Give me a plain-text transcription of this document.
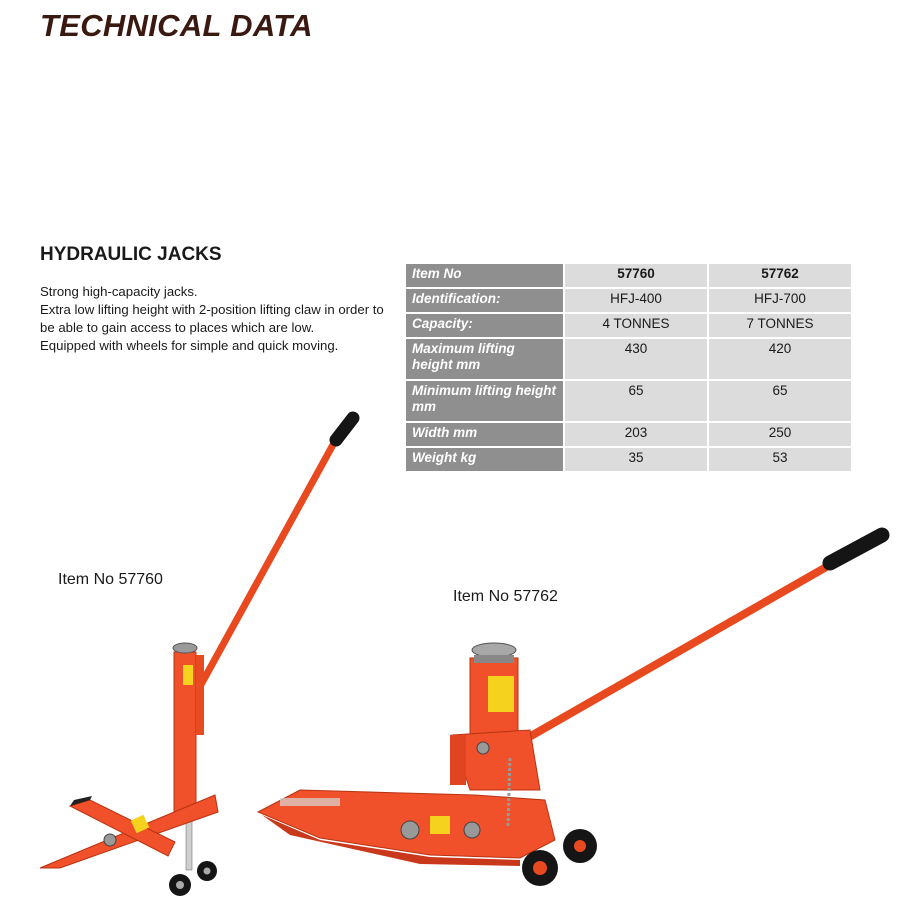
TECHNICAL DATA
HYDRAULIC JACKS

Strong high-capacity jacks.

Extra low lifting height with 2-position lifting claw in order to be able to gain access to places which are low.

Equipped with wheels for simple and quick moving.

Item No	57760	57762
Identification:	HFJ-400	HFJ-700
Capacity:	4 TONNES	7 TONNES
Maximum lifting height mm	430	420
Minimum lifting height mm	65	65
Width mm	203	250
Weight kg	35	53
Item No 57760
Item No 57762
